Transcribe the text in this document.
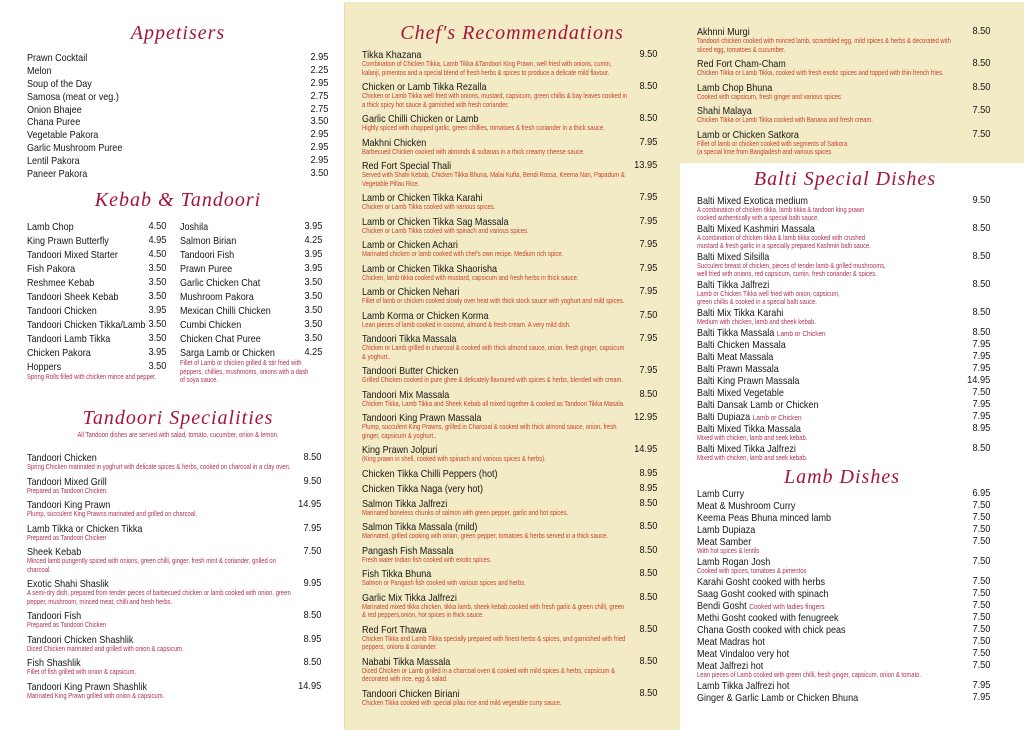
Appetisers
Prawn Cocktail	2.95
Melon	2.25
Soup of the Day	2.95
Samosa (meat or veg.)	2.75
Onion Bhajee	2.75
Chana Puree	3.50
Vegetable Pakora	2.95
Garlic Mushroom Puree	2.95
Lentil Pakora	2.95
Paneer Pakora	3.50
Kebab & Tandoori
Lamb Chop	4.50
King Prawn Butterfly	4.95
Tandoori Mixed Starter	4.50
Fish Pakora	3.50
Reshmee Kebab	3.50
Tandoori Sheek Kebab	3.50
Tandoori Chicken	3.95
Tandoori Chicken Tikka/Lamb 3.50
Tandoori Lamb Tikka	3.50
Chicken Pakora	3.95
Hoppers	3.50
Spring Rolls filled with chicken mince and pepper.
Joshila	3.95
Salmon Birian	4.25
Tandoori Fish	3.95
Prawn Puree	3.95
Garlic Chicken Chat	3.50
Mushroom Pakora	3.50
Mexican Chilli Chicken	3.50
Cumbi Chicken	3.50
Chicken Chat Puree	3.50
Sarga Lamb or Chicken	4.25
Fillet of Lamb or chicken grilled & stir fried with
peppers, chillies, mushrooms, onions with a dash
of soya sauce.
Tandoori Specialities
All Tandoori dishes are served with salad, tomato, cucumber, onion & lemon.
Tandoori Chicken	8.50
Spring Chicken marinated in yoghurt with delicate spices & herbs, cooked on charcoal in a clay oven.
Tandoori Mixed Grill	9.50
Prepared as Tandoori Chicken.
Tandoori King Prawn	14.95
Plump, succulent King Prawns marinated and grilled on charcoal.
Lamb Tikka or Chicken Tikka	7.95
Prepared as Tandoori Chicken
Sheek Kebab	7.50
Minced lamb pungently spiced with onions, green chilli, ginger, fresh mint & coriander, grilled on
charcoal.
Exotic Shahi Shaslik	9.95
A semi-dry dish, prepared from tender pieces of barbecued chicken or lamb cooked with onion, green
pepper, mushroom, minced meat, chilli and fresh herbs.
Tandoori Fish	8.50
Prepared as Tandoori Chicken
Tandoori Chicken Shashlik	8.95
Diced Chicken marinated and grilled with onion & capsicum.
Fish Shashlik	8.50
Fillet of fish grilled with onion & capsicum.
Tandoori King Prawn Shashlik	14.95
Marinated King Prawn grilled with onion & capsicum.
Chef's Recommendations
Tikka Khazana	9.50
Combination of Chicken Tikka, Lamb Tikka &Tandoori King Prawn, well fried with onions, cumin,
kalanji, pimentos and a special blend of fresh herbs & spices to produce a delicate mild flavour.
Chicken or Lamb Tikka Rezalla	8.50
Chicken or Lamb Tikka well fried with onions, mustard, capsicum, green chillis & bay leaves cooked in
a thick spicy hot sauce & garnished with fresh coriander.
Garlic Chilli Chicken or Lamb	8.50
Highly spiced with chopped garlic, green chillies, tomatoes & fresh coriander in a thick sauce.
Makhni Chicken	7.95
Barbecued Chicken cooked with almonds & sultanas in a thick creamy cheese sauce.
Red Fort Special Thali	13.95
Served with Shahi Kebab, Chicken Tikka Bhuna, Malai Kufta, Bendi Rossa, Keema Nan, Papadum &
Vegetable Pillau Rice.
Lamb or Chicken Tikka Karahi	7.95
Chicken or Lamb Tikka cooked with various spices.
Lamb or Chicken Tikka Sag Massala	7.95
Chicken or Lamb Tikka cooked with spinach and various spices.
Lamb or Chicken Achari	7.95
Marinated chicken or lamb cooked with chef's own recipe. Medium rich spice.
Lamb or Chicken Tikka Shaorisha	7.95
Chicken, lamb tikka cooked with mustard, capsicum and fresh herbs in thick sauce.
Lamb or Chicken Nehari	7.95
Fillet of lamb or chicken cooked slowly over heat with thick stock sauce with yoghurt and mild spices.
Lamb Korma or Chicken Korma	7.50
Lean pieces of lamb cooked in coconut, almond & fresh cream. A very mild dish.
Tandoori Tikka Massala	7.95
Chicken or Lamb grilled in charcoal & cooked with thick almond sauce, onion, fresh ginger, capsicum
& yoghurt..
Tandoori Butter Chicken	7.95
Grilled Chicken cooked in pure ghee & delicately flavoured with spices & herbs, blended with cream.
Tandoori Mix Massala	8.50
Chicken Tikka, Lamb Tikka and Sheek Kebab all mixed together & cooked as Tandoori Tikka Masala.
Tandoori King Prawn Massala	12.95
Plump, succulent King Prawns, grilled in Charcoal & cooked with thick almond sauce, onion, fresh
ginger, capsicum & yoghurt..
King Prawn Jolpuri	14.95
(King prawn in shell, cooked with spinach and various spices & herbs).
Chicken Tikka Chilli Peppers (hot)	8.95
Chicken Tikka Naga (very hot)	8.95
Salmon Tikka Jalfrezi	8.50
Marinated boneless chunks of salmon with green pepper, garlic and hot spices.
Salmon Tikka Massala (mild)	8.50
Marinated, grilled cooking with onion, green pepper, tomatoes & herbs served in a thick sauce.
Pangash Fish Massala	8.50
Fresh water Indian fish cooked with exotic spices.
Fish Tikka Bhuna	8.50
Salmon or Pangash fish cooked with various spices and herbs.
Garlic Mix Tikka Jalfrezi	8.50
Marinated mixed tikka chicken, tikka lamb, sheek kebab,cooked with fresh garlic & green chilli, green
& red peppers,onion, hot spices in thick sauce.
Red Fort Thawa	8.50
Chicken Tikka and Lamb Tikka specially prepared with finest herbs & spices, and garnished with fried
peppers, onions & coriander.
Nababi Tikka Massala	8.50
Diced Chicken or Lamb grilled in a charcoal oven & cooked with mild spices & herbs, capsicum &
decorated with rice, egg & salad.
Tandoori Chicken Biriani	8.50
Chicken Tikka cooked with special pilau rice and mild vegetable curry sauce.
Akhnni Murgi	8.50
Tandoori chicken cooked with minced lamb, scrambled egg, mild spices & herbs & decorated with
sliced egg, tomatoes & cucumber.
Red Fort Cham-Cham	8.50
Chicken Tikka or Lamb Tikka, cooked with fresh exotic spices and topped with thin french fries.
Lamb Chop Bhuna	8.50
Cooked with capsicum, fresh ginger and various spices
Shahi Malaya	7.50
Chicken Tikka or Lamb Tikka cooked with Banana and fresh cream.
Lamb or Chicken Satkora	7.50
Fillet of lamb or chicken cooked with segments of Satkora
(a special lime from Bangladesh and various spices
Balti Special Dishes
Balti Mixed Exotica medium	9.50
A combination of chicken tikka, lamb tikka & tandoori king prawn
cooked authentically with a special balti sauce.
Balti Mixed Kashmiri Massala	8.50
A combination of chicken tikka & lamb tikka cooked with crushed
mustard & fresh garlic in a specially prepared Kashmiri balti sauce.
Balti Mixed Silsilla	8.50
Succulent breast of chicken, pieces of tender lamb & grilled mushrooms,
well fried with onions, red capsicum, cumin, fresh coriander & spices.
Balti Tikka Jalfrezi	8.50
Lamb or Chicken Tikka well fried with onion, capsicum,
green chillis & cooked in a special balti sauce.
Balti Mix Tikka Karahi	8.50
Medium with chicken, lamb and sheek kebab.
Balti Tikka Massala Lamb or Chicken	8.50
Balti Chicken Massala	7.95
Balti Meat Massala	7.95
Balti Prawn Massala	7.95
Balti King Prawn Massala	14.95
Balti Mixed Vegetable	7.50
Balti Dansak Lamb or Chicken	7.95
Balti Dupiaza Lamb or Chicken	7.95
Balti Mixed Tikka Massala	8.95
Mixed with chicken, lamb and seek kebab.
Balti Mixed Tikka Jalfrezi	8.50
Mixed with chicken, lamb and seek kebab.
Lamb Dishes
Lamb Curry	6.95
Meat & Mushroom Curry	7.50
Keema Peas Bhuna minced lamb	7.50
Lamb Dupiaza	7.50
Meat Samber	7.50
With hot spices & lentils
Lamb Rogan Josh	7.50
Cooked with spices, tomatoes & pimentos
Karahi Gosht cooked with herbs	7.50
Saag Gosht cooked with spinach	7.50
Bendi Gosht Cooked with ladies fingers	7.50
Methi Gosht cooked with fenugreek	7.50
Chana Gosth cooked with chick peas	7.50
Meat Madras hot	7.50
Meat Vindaloo very hot	7.50
Meat Jalfrezi hot	7.50
Lean pieces of Lamb cooked with green chilli, fresh ginger, capsicum, onion & tomato.
Lamb Tikka Jalfrezi hot	7.95
Ginger & Garlic Lamb or Chicken Bhuna	7.95
